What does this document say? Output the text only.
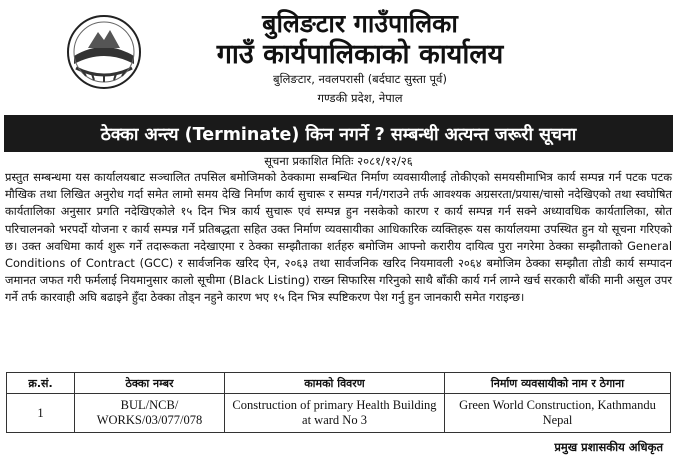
बुलिङटार गाउँपालिका
गाउँ कार्यपालिकाको कार्यालय
बुलिङटार, नवलपरासी (बर्दघाट सुस्ता पूर्व)
गण्डकी प्रदेश, नेपाल
ठेक्का अन्त्य (Terminate) किन नगर्ने ? सम्बन्धी अत्यन्त जरूरी सूचना
सूचना प्रकाशित मितिः २०८१/१२/२६
प्रस्तुत सम्बन्धमा यस कार्यालयबाट सञ्चालित तपसिल बमोजिमको ठेक्कामा सम्बन्धित निर्माण व्यवसायीलाई तोकीएको समयसीमाभित्र कार्य सम्पन्न गर्न पटक पटक मौखिक तथा लिखित अनुरोध गर्दा समेत लामो समय देखि निर्माण कार्य सुचारू र सम्पन्न गर्न/गराउने तर्फ आवश्यक अग्रसरता/प्रयास/चासो नदेखिएको तथा स्वघोषित कार्यतालिका अनुसार प्रगति नदेखिएकोले १५ दिन भित्र कार्य सुचारू एवं सम्पन्न हुन नसकेको कारण र कार्य सम्पन्न गर्न सक्ने अध्यावधिक कार्यतालिका, स्रोत परिचालनको भरपर्दो योजना र कार्य सम्पन्न गर्ने प्रतिबद्धता सहित उक्त निर्माण व्यवसायीका आधिकारिक व्यक्तिहरू यस कार्यालयमा उपस्थित हुन यो सूचना गरिएको छ। उक्त अवधिमा कार्य शुरू गर्ने तदारूकता नदेखाएमा र ठेक्का सम्झौताका शर्तहरु बमोजिम आफ्नो करारीय दायित्व पुरा नगरेमा ठेक्का सम्झौताको General Conditions of Contract (GCC) र सार्वजनिक खरिद ऐन, २०६३ तथा सार्वजनिक खरिद नियमावली २०६४ बमोजिम ठेक्का सम्झौता तोडी कार्य सम्पादन जमानत जफत गरी फर्मलाई नियमानुसार कालो सूचीमा (Black Listing) राख्न सिफारिस गरिनुको साथै बाँकी कार्य गर्न लाग्ने खर्च सरकारी बाँकी मानी असुल उपर गर्ने तर्फ कारवाही अघि बढाइने हुँदा ठेक्का तोड्न नहुने कारण भए १५ दिन भित्र स्पष्टिकरण पेश गर्नु हुन जानकारी समेत गराइन्छ।
क्र.सं.	ठेक्का नम्बर	कामको विवरण	निर्माण व्यवसायीको नाम र ठेगाना
1	BUL/NCB/ WORKS/03/077/078	Construction of primary Health Building at ward No 3	Green World Construction, Kathmandu Nepal
प्रमुख प्रशासकीय अधिकृत
